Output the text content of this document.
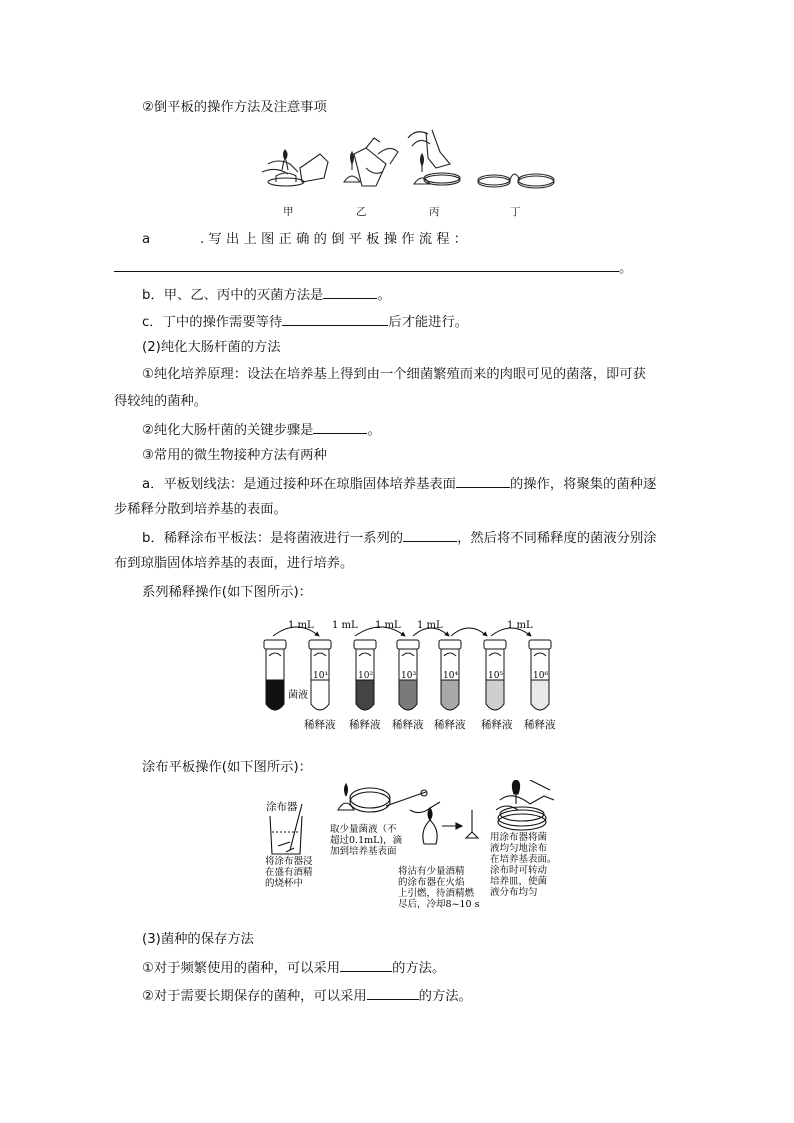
②倒平板的操作方法及注意事项
甲	乙	丙	丁
a	. 写 出 上 图 正 确 的 倒 平 板 操 作 流 程 ：
。
b．甲、乙、丙中的灭菌方法是	。
c．丁中的操作需要等待	后才能进行。
(2)纯化大肠杆菌的方法
①纯化培养原理：设法在培养基上得到由一个细菌繁殖而来的肉眼可见的菌落，即可获
得较纯的菌种。
②纯化大肠杆菌的关键步骤是	。
③常用的微生物接种方法有两种
a．平板划线法：是通过接种环在琼脂固体培养基表面	的操作，将聚集的菌种逐
步稀释分散到培养基的表面。
b．稀释涂布平板法：是将菌液进行一系列的	，然后将不同稀释度的菌液分别涂
布到琼脂固体培养基的表面，进行培养。
系列稀释操作(如下图所示)：
1 mL 1 mL 1 mL 1 mL	1 mL
菌液
10¹	10²	10³	10⁴	10⁵	10⁶
稀释液 稀释液 稀释液 稀释液 稀释液 稀释液
涂布平板操作(如下图所示)：
涂布器
将涂布器浸
在盛有酒精
的烧杯中
取少量菌液（不
超过0.1mL)，滴
加到培养基表面
将沾有少量酒精
的涂布器在火焰
上引燃，待酒精燃
尽后，冷却8~10 s
用涂布器将菌
液均匀地涂布
在培养基表面。
涂布时可转动
培养皿，使菌
液分布均匀
(3)菌种的保存方法
①对于频繁使用的菌种，可以采用	的方法。
②对于需要长期保存的菌种，可以采用	的方法。
